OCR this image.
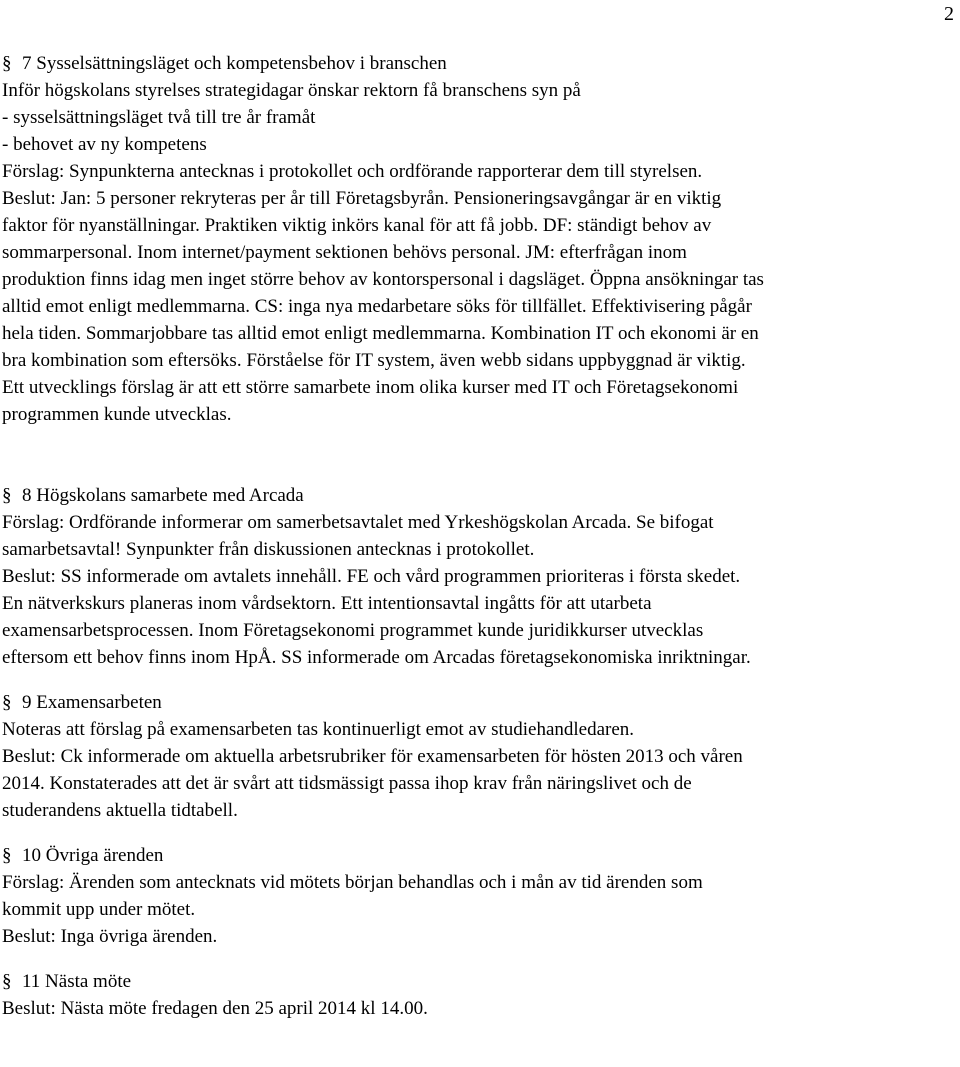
2

§ 7 Sysselsättningsläget och kompetensbehov i branschen

Inför högskolans styrelses strategidagar önskar rektorn få branschens syn på

- sysselsättningsläget två till tre år framåt

- behovet av ny kompetens

Förslag: Synpunkterna antecknas i protokollet och ordförande rapporterar dem till styrelsen.

Beslut: Jan: 5 personer rekryteras per år till Företagsbyrån. Pensioneringsavgångar är en viktig

faktor för nyanställningar. Praktiken viktig inkörs kanal för att få jobb. DF: ständigt behov av

sommarpersonal. Inom internet/payment sektionen behövs personal. JM: efterfrågan inom

produktion finns idag men inget större behov av kontorspersonal i dagsläget. Öppna ansökningar tas

alltid emot enligt medlemmarna. CS: inga nya medarbetare söks för tillfället. Effektivisering pågår

hela tiden. Sommarjobbare tas alltid emot enligt medlemmarna. Kombination IT och ekonomi är en

bra kombination som eftersöks. Förståelse för IT system, även webb sidans uppbyggnad är viktig.

Ett utvecklings förslag är att ett större samarbete inom olika kurser med IT och Företagsekonomi

programmen kunde utvecklas.

§ 8 Högskolans samarbete med Arcada

Förslag: Ordförande informerar om samerbetsavtalet med Yrkeshögskolan Arcada. Se bifogat

samarbetsavtal! Synpunkter från diskussionen antecknas i protokollet.

Beslut: SS informerade om avtalets innehåll. FE och vård programmen prioriteras i första skedet.

En nätverkskurs planeras inom vårdsektorn. Ett intentionsavtal ingåtts för att utarbeta

examensarbetsprocessen. Inom Företagsekonomi programmet kunde juridikkurser utvecklas

eftersom ett behov finns inom HpÅ. SS informerade om Arcadas företagsekonomiska inriktningar.

§ 9 Examensarbeten

Noteras att förslag på examensarbeten tas kontinuerligt emot av studiehandledaren.

Beslut: Ck informerade om aktuella arbetsrubriker för examensarbeten för hösten 2013 och våren

2014. Konstaterades att det är svårt att tidsmässigt passa ihop krav från näringslivet och de

studerandens aktuella tidtabell.

§ 10 Övriga ärenden

Förslag: Ärenden som antecknats vid mötets början behandlas och i mån av tid ärenden som

kommit upp under mötet.

Beslut: Inga övriga ärenden.

§ 11 Nästa möte

Beslut: Nästa möte fredagen den 25 april 2014 kl 14.00.
